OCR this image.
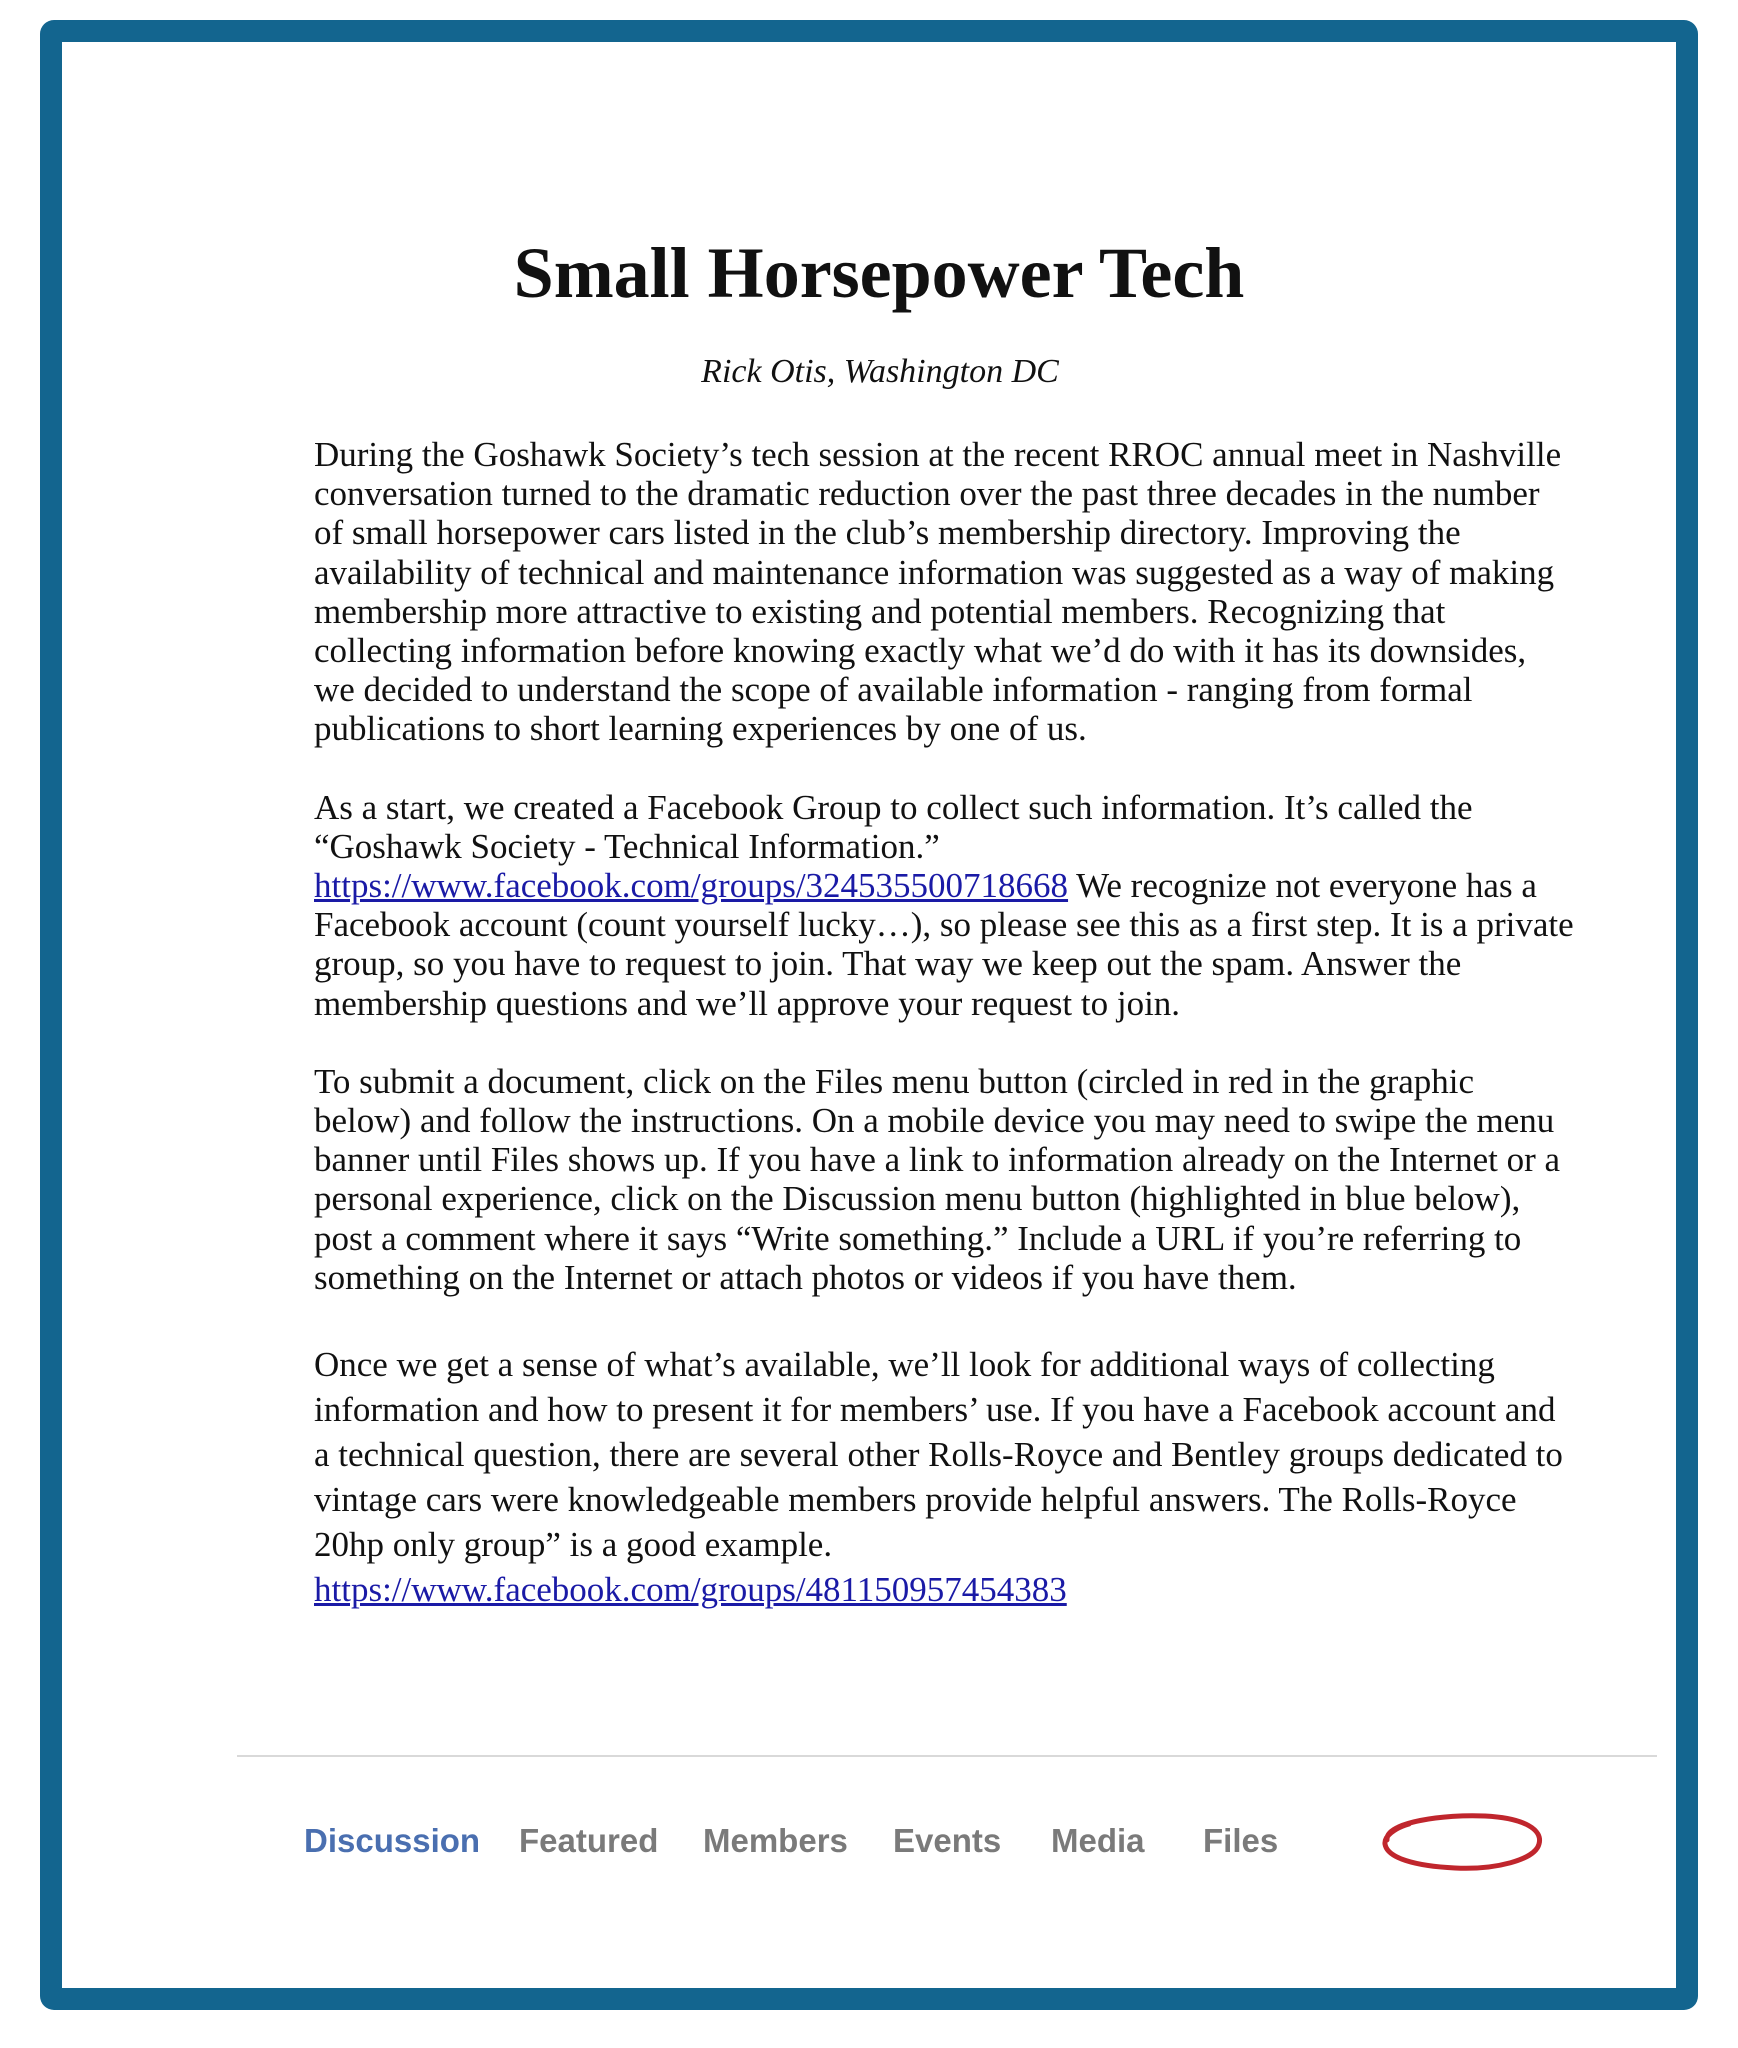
Small Horsepower Tech
Rick Otis, Washington DC

During the Goshawk Society’s tech session at the recent RROC annual meet in Nashville conversation turned to the dramatic reduction over the past three decades in the number of small horsepower cars listed in the club’s membership directory. Improving the availability of technical and maintenance information was suggested as a way of making membership more attractive to existing and potential members. Recognizing that collecting information before knowing exactly what we’d do with it has its downsides, we decided to understand the scope of available information - ranging from formal publications to short learning experiences by one of us.

As a start, we created a Facebook Group to collect such information. It’s called the “Goshawk Society - Technical Information.” https://www.facebook.com/groups/324535500718668 We recognize not everyone has a Facebook account (count yourself lucky…), so please see this as a first step. It is a private group, so you have to request to join. That way we keep out the spam. Answer the membership questions and we’ll approve your request to join.

To submit a document, click on the Files menu button (circled in red in the graphic below) and follow the instructions. On a mobile device you may need to swipe the menu banner until Files shows up. If you have a link to information already on the Internet or a personal experience, click on the Discussion menu button (highlighted in blue below), post a comment where it says “Write something.” Include a URL if you’re referring to something on the Internet or attach photos or videos if you have them.

Once we get a sense of what’s available, we’ll look for additional ways of collecting information and how to present it for members’ use. If you have a Facebook account and a technical question, there are several other Rolls-Royce and Bentley groups dedicated to vintage cars were knowledgeable members provide helpful answers. The Rolls-Royce 20hp only group” is a good example.
https://www.facebook.com/groups/481150957454383

Discussion Featured Members Events Media Files
